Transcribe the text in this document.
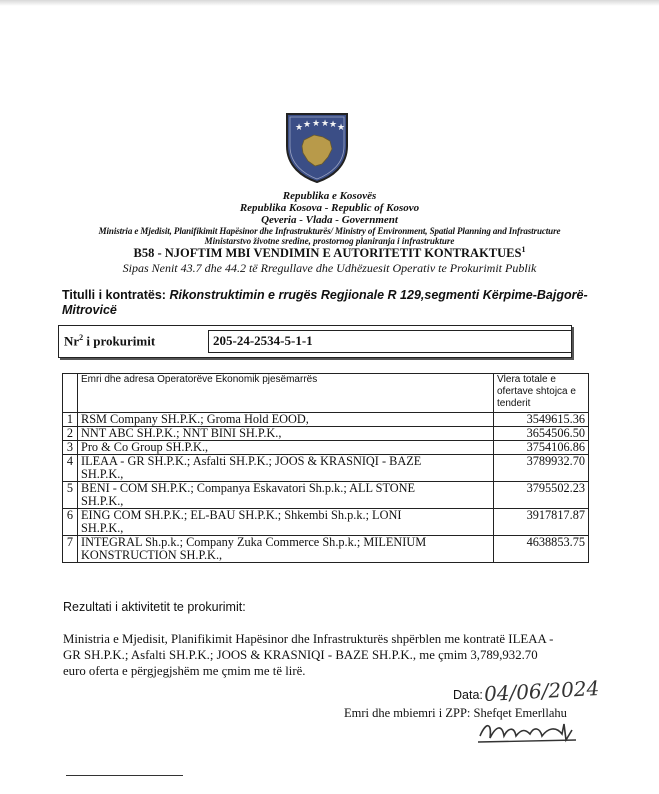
★ ★ ★ ★ ★ ★
Republika e Kosovës
Republika Kosova - Republic of Kosovo
Qeveria - Vlada - Government
Ministria e Mjedisit, Planifikimit Hapësinor dhe Infrastrukturës/ Ministry of Environment, Spatial Planning and Infrastructure
Ministarstvo životne sredine, prostornog planiranja i infrastrukture
B58 - NJOFTIM MBI VENDIMIN E AUTORITETIT KONTRAKTUES$^1$
Sipas Nenit 43.7 dhe 44.2 të Rregullave dhe Udhëzuesit Operativ te Prokurimit Publik
Titulli i kontratës: Rikonstruktimin e rrugës Regjionale R 129,segmenti Kërpime-Bajgorë-
Mitrovicë
Nr$^2$ i prokurimit	205-24-2534-5-1-1
	Emri dhe adresa Operatorëve Ekonomik pjesëmarrës	Vlera totale e
ofertave shtojca e
tenderit
1	RSM Company SH.P.K.; Groma Hold EOOD,	3549615.36
2	NNT ABC SH.P.K.; NNT BINI SH.P.K.,	3654506.50
3	Pro & Co Group SH.P.K.,	3754106.86
4	ILEAA - GR SH.P.K.; Asfalti SH.P.K.; JOOS & KRASNIQI - BAZE
SH.P.K.,	3789932.70
5	BENI - COM SH.P.K.; Companya Eskavatori Sh.p.k.; ALL STONE
SH.P.K.,	3795502.23
6	EING COM SH.P.K.; EL-BAU SH.P.K.; Shkembi Sh.p.k.; LONI
SH.P.K.,	3917817.87
7	INTEGRAL Sh.p.k.; Company Zuka Commerce Sh.p.k.; MILENIUM
KONSTRUCTION SH.P.K.,	4638853.75
Rezultati i aktivitetit te prokurimit:
Ministria e Mjedisit, Planifikimit Hapësinor dhe Infrastrukturës shpërblen me kontratë ILEAA -
GR SH.P.K.; Asfalti SH.P.K.; JOOS & KRASNIQI - BAZE SH.P.K., me çmim 3,789,932.70
euro oferta e përgjegjshëm me çmim me të lirë.
Data: 04/06/2024
Emri dhe mbiemri i ZPP: Shefqet Emerllahu
